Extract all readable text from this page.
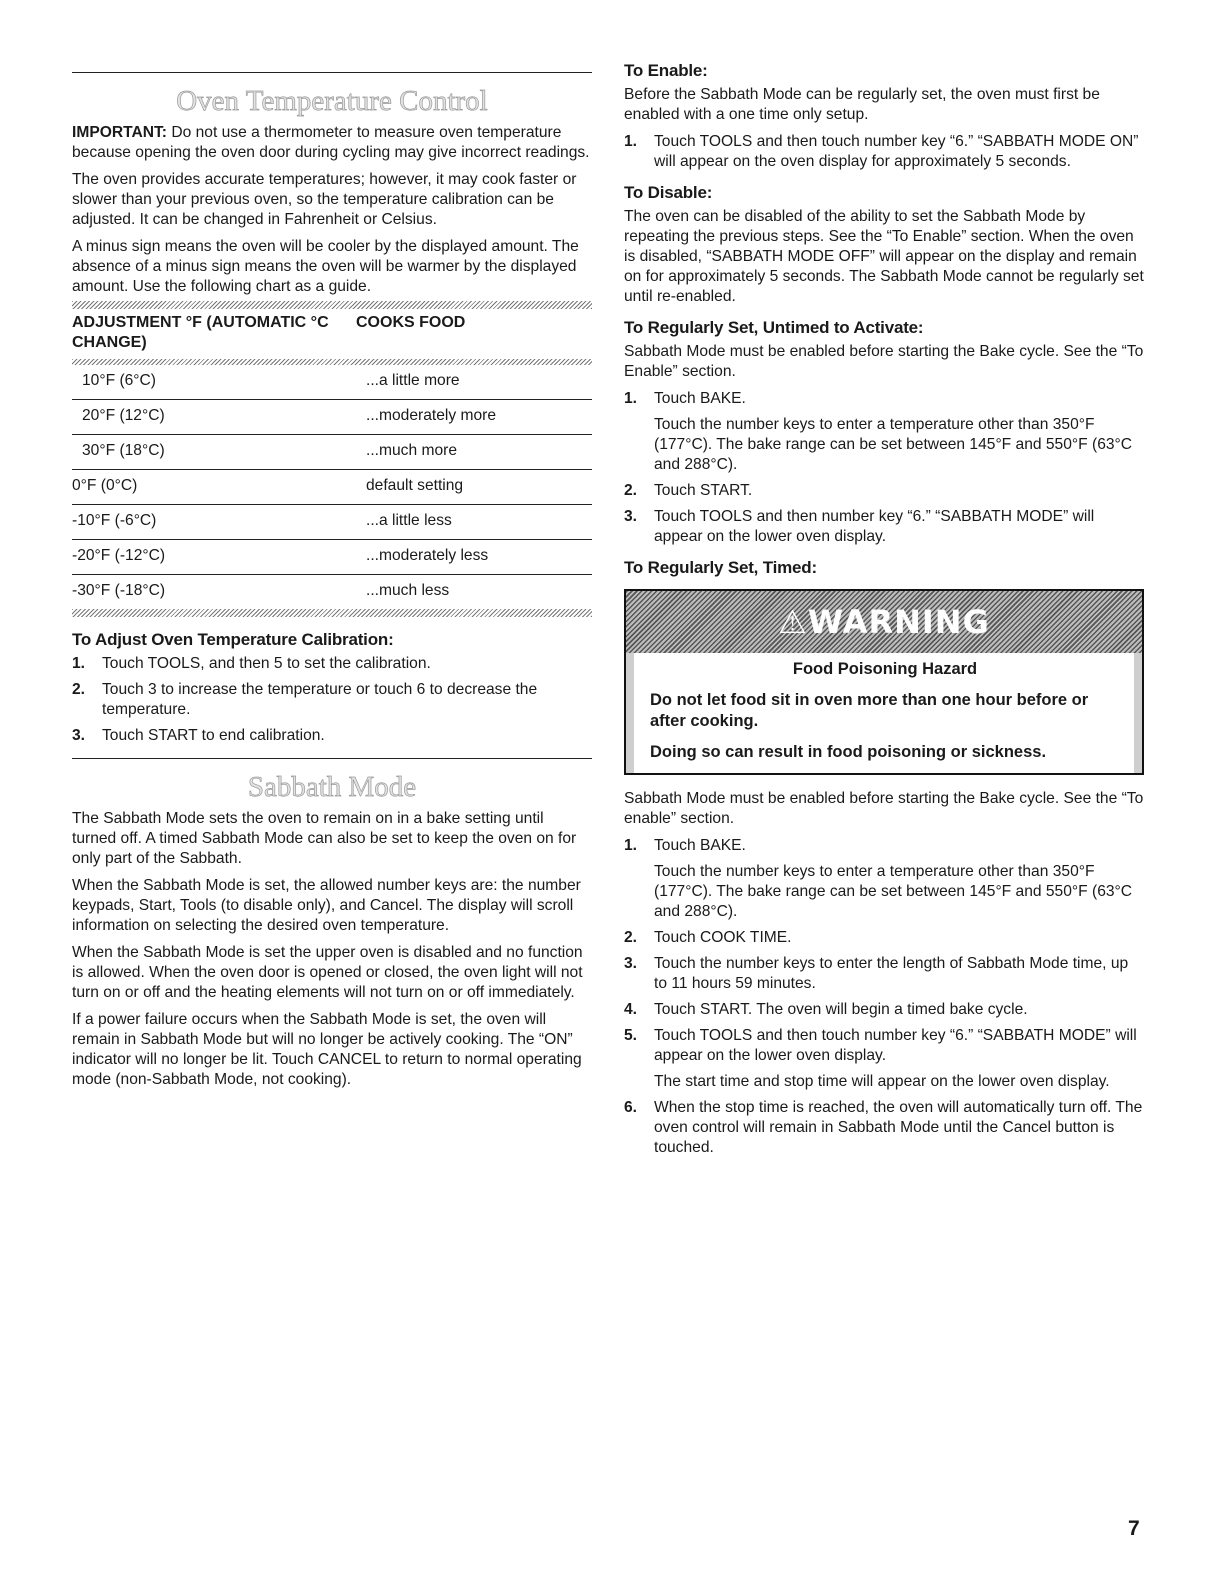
Oven Temperature Control

IMPORTANT: Do not use a thermometer to measure oven temperature because opening the oven door during cycling may give incorrect readings.

The oven provides accurate temperatures; however, it may cook faster or slower than your previous oven, so the temperature calibration can be adjusted. It can be changed in Fahrenheit or Celsius.

A minus sign means the oven will be cooler by the displayed amount. The absence of a minus sign means the oven will be warmer by the displayed amount. Use the following chart as a guide.

ADJUSTMENT °F (AUTOMATIC °C CHANGE)	COOKS FOOD
10°F (6°C)	...a little more
20°F (12°C)	...moderately more
30°F (18°C)	...much more
0°F (0°C)	default setting
-10°F (-6°C)	...a little less
-20°F (-12°C)	...moderately less
-30°F (-18°C)	...much less
To Adjust Oven Temperature Calibration:
1.	Touch TOOLS, and then 5 to set the calibration.
2.	Touch 3 to increase the temperature or touch 6 to decrease the temperature.
3.	Touch START to end calibration.
Sabbath Mode

The Sabbath Mode sets the oven to remain on in a bake setting until turned off. A timed Sabbath Mode can also be set to keep the oven on for only part of the Sabbath.

When the Sabbath Mode is set, the allowed number keys are: the number keypads, Start, Tools (to disable only), and Cancel. The display will scroll information on selecting the desired oven temperature.

When the Sabbath Mode is set the upper oven is disabled and no function is allowed. When the oven door is opened or closed, the oven light will not turn on or off and the heating elements will not turn on or off immediately.

If a power failure occurs when the Sabbath Mode is set, the oven will remain in Sabbath Mode but will no longer be actively cooking. The “ON” indicator will no longer be lit. Touch CANCEL to return to normal operating mode (non-Sabbath Mode, not cooking).

To Enable:

Before the Sabbath Mode can be regularly set, the oven must first be enabled with a one time only setup.

1.	Touch TOOLS and then touch number key “6.” “SABBATH MODE ON” will appear on the oven display for approximately 5 seconds.
To Disable:

The oven can be disabled of the ability to set the Sabbath Mode by repeating the previous steps. See the “To Enable” section. When the oven is disabled, “SABBATH MODE OFF” will appear on the display and remain on for approximately 5 seconds. The Sabbath Mode cannot be regularly set until re-enabled.

To Regularly Set, Untimed to Activate:

Sabbath Mode must be enabled before starting the Bake cycle. See the “To Enable” section.

1.	Touch BAKE.

Touch the number keys to enter a temperature other than 350°F (177°C). The bake range can be set between 145°F and 550°F (63°C and 288°C).

2.	Touch START.
3.	Touch TOOLS and then number key “6.” “SABBATH MODE” will appear on the lower oven display.
To Regularly Set, Timed:
⚠WARNING
Food Poisoning Hazard
Do not let food sit in oven more than one hour before or after cooking.
Doing so can result in food poisoning or sickness.

Sabbath Mode must be enabled before starting the Bake cycle. See the “To enable” section.

1.	Touch BAKE.

Touch the number keys to enter a temperature other than 350°F (177°C). The bake range can be set between 145°F and 550°F (63°C and 288°C).

2.	Touch COOK TIME.
3.	Touch the number keys to enter the length of Sabbath Mode time, up to 11 hours 59 minutes.
4.	Touch START. The oven will begin a timed bake cycle.
5.	Touch TOOLS and then touch number key “6.” “SABBATH MODE” will appear on the lower oven display.

The start time and stop time will appear on the lower oven display.

6.	When the stop time is reached, the oven will automatically turn off. The oven control will remain in Sabbath Mode until the Cancel button is touched.
7
